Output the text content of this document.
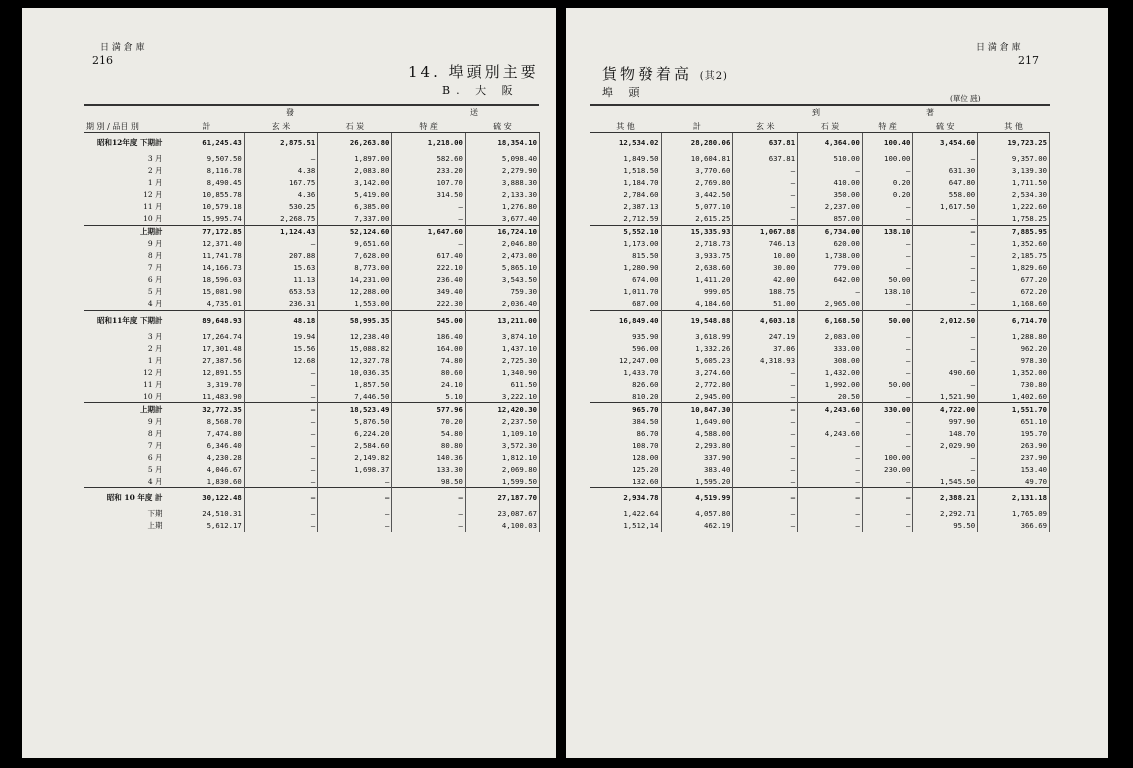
日 満 倉 庫
216
14. 埠頭別主要
B. 大 阪
發	送
期 別 / 品目 別	計	玄 米	石 炭	特 産	硫 安
昭和12年度 下期計	61,245.43	2,875.51	26,263.80	1,218.00	18,354.10
3 月	9,507.50	—	1,897.00	582.60	5,098.40
2 月	8,116.78	4.38	2,083.80	233.20	2,279.90
1 月	8,490.45	167.75	3,142.00	107.70	3,888.30
12 月	10,855.78	4.36	5,419.00	314.50	2,133.30
11 月	10,579.18	530.25	6,385.00	—	1,276.80
10 月	15,995.74	2,268.75	7,337.00	—	3,677.40
上期計	77,172.85	1,124.43	52,124.60	1,647.60	16,724.10
9 月	12,371.40	—	9,651.60	—	2,046.80
8 月	11,741.78	207.88	7,628.00	617.40	2,473.00
7 月	14,166.73	15.63	8,773.00	222.10	5,865.10
6 月	18,596.03	11.13	14,231.00	236.40	3,543.50
5 月	15,081.90	653.53	12,288.00	349.40	759.30
4 月	4,735.01	236.31	1,553.00	222.30	2,036.40
昭和11年度 下期計	89,648.93	48.18	58,995.35	545.00	13,211.00
3 月	17,264.74	19.94	12,238.40	186.40	3,874.10
2 月	17,301.48	15.56	15,088.82	164.00	1,437.10
1 月	27,387.56	12.68	12,327.78	74.80	2,725.30
12 月	12,891.55	—	10,036.35	80.60	1,340.90
11 月	3,319.70	—	1,857.50	24.10	611.50
10 月	11,483.90	—	7,446.50	5.10	3,222.10
上期計	32,772.35	—	18,523.49	577.96	12,420.30
9 月	8,568.70	—	5,876.50	70.20	2,237.50
8 月	7,474.80	—	6,224.20	54.80	1,109.10
7 月	6,346.40	—	2,584.60	80.80	3,572.30
6 月	4,230.28	—	2,149.82	140.36	1,812.10
5 月	4,046.67	—	1,698.37	133.30	2,069.80
4 月	1,830.60	—	—	98.50	1,599.50
昭和 10 年度 計	30,122.48	—	—	—	27,187.70
下期	24,510.31	—	—	—	23,087.67
上期	5,612.17	—	—	—	4,100.03
日 満 倉 庫
217
貨物發着高 (其2)
埠 頭	(單位 瓲)
到	著
其 他	計	玄 米	石 炭	特 産	硫 安	其 他
12,534.02	28,280.06	637.81	4,364.00	100.40	3,454.60	19,723.25
1,849.50	10,604.81	637.81	510.00	100.00	—	9,357.00
1,518.50	3,770.60	—	—	—	631.30	3,139.30
1,184.70	2,769.80	—	410.00	0.20	647.80	1,711.50
2,784.60	3,442.50	—	350.00	0.20	558.00	2,534.30
2,387.13	5,077.10	—	2,237.00	—	1,617.50	1,222.60
2,712.59	2,615.25	—	857.00	—	—	1,758.25
5,552.10	15,335.93	1,067.88	6,734.00	138.10	—	7,885.95
1,173.00	2,718.73	746.13	620.00	—	—	1,352.60
815.50	3,933.75	10.00	1,738.00	—	—	2,185.75
1,280.90	2,638.60	30.00	779.00	—	—	1,829.60
674.00	1,411.20	42.00	642.00	50.00	—	677.20
1,011.70	999.05	188.75	—	138.10	—	672.20
687.00	4,184.60	51.00	2,965.00	—	—	1,168.60
16,849.40	19,548.88	4,603.18	6,168.50	50.00	2,012.50	6,714.70
935.90	3,618.99	247.19	2,083.00	—	—	1,288.80
596.00	1,332.26	37.06	333.00	—	—	962.20
12,247.00	5,605.23	4,318.93	308.00	—	—	978.30
1,433.70	3,274.60	—	1,432.00	—	490.60	1,352.00
826.60	2,772.80	—	1,992.00	50.00	—	730.80
810.20	2,945.00	—	20.50	—	1,521.90	1,402.60
965.70	10,847.30	—	4,243.60	330.00	4,722.00	1,551.70
384.50	1,649.00	—	—	—	997.90	651.10
86.70	4,588.00	—	4,243.60	—	148.70	195.70
108.70	2,293.80	—	—	—	2,029.90	263.90
128.00	337.90	—	—	100.00	—	237.90
125.20	383.40	—	—	230.00	—	153.40
132.60	1,595.20	—	—	—	1,545.50	49.70
2,934.78	4,519.99	—	—	—	2,388.21	2,131.18
1,422.64	4,057.80	—	—	—	2,292.71	1,765.09
1,512,14	462.19	—	—	—	95.50	366.69
